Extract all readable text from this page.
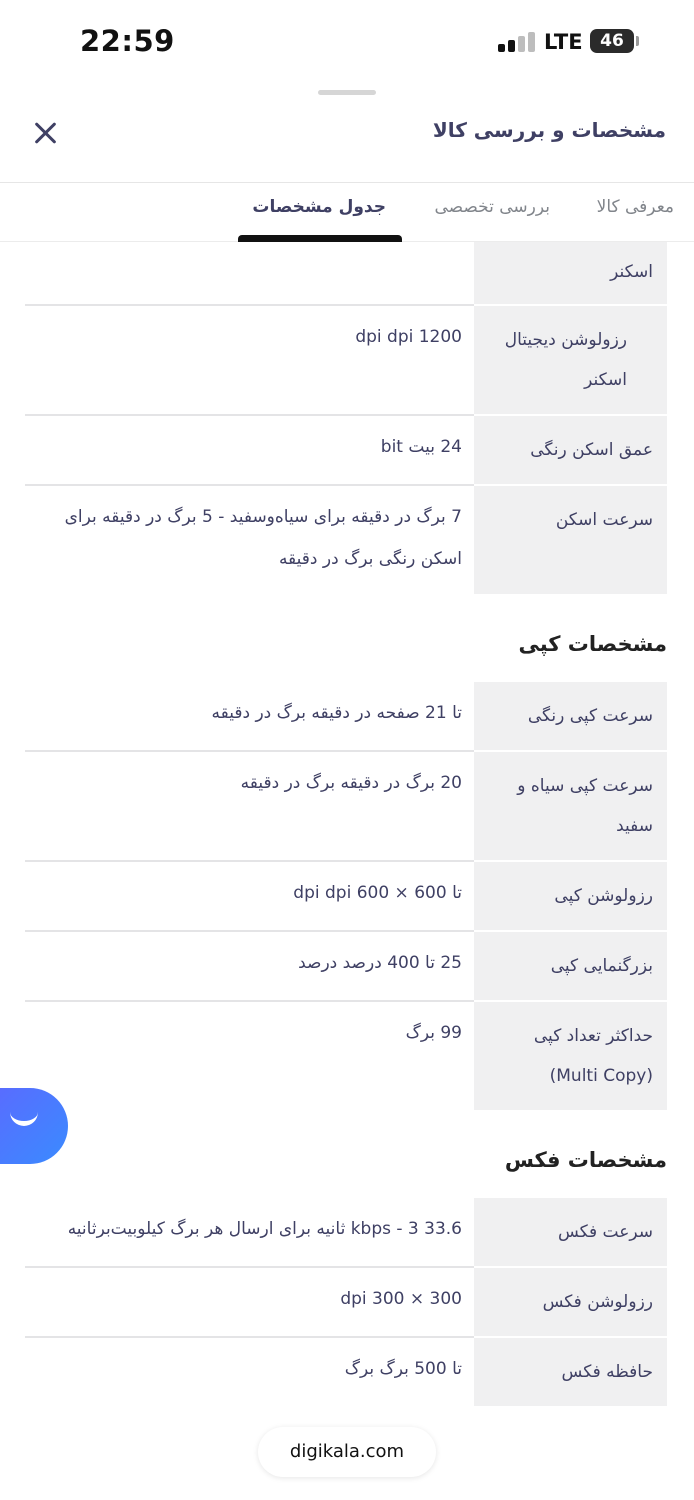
22:59	LTE	46
مشخصات و بررسی کالا
معرفی کالا
بررسی تخصصی
جدول مشخصات
اسکنر
رزولوشن دیجیتال اسکنر
dpi dpi 1200
عمق اسکن رنگی
24 بیت bit
سرعت اسکن
7 برگ در دقیقه برای سیاه‌وسفید - 5 برگ در دقیقه برای اسکن رنگی برگ در دقیقه
مشخصات کپی
سرعت کپی رنگی
تا 21 صفحه در دقیقه برگ در دقیقه
سرعت کپی سیاه و سفید
20 برگ در دقیقه برگ در دقیقه
رزولوشن کپی
تا 600 × 600 dpi dpi
بزرگنمایی کپی
25 تا 400 درصد درصد
حداکثر تعداد کپی (Multi Copy)
99 برگ
مشخصات فکس
سرعت فکس
kbps - 3 33.6 ثانیه برای ارسال هر برگ کیلوبیت‌برثانیه
رزولوشن فکس
300 × 300 dpi
حافظه فکس
تا 500 برگ برگ
digikala.com
